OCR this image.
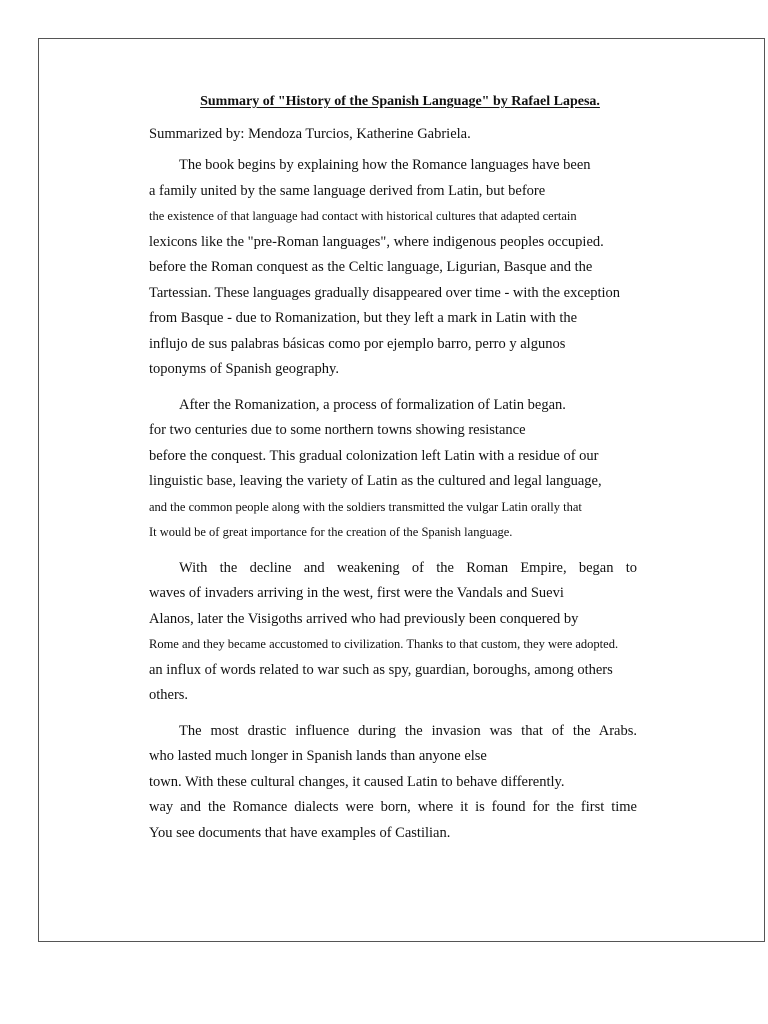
Summary of "History of the Spanish Language" by Rafael Lapesa.
Summarized by: Mendoza Turcios, Katherine Gabriela.
The book begins by explaining how the Romance languages have been
a family united by the same language derived from Latin, but before
the existence of that language had contact with historical cultures that adapted certain
lexicons like the "pre-Roman languages", where indigenous peoples occupied.
before the Roman conquest as the Celtic language, Ligurian, Basque and the
Tartessian. These languages gradually disappeared over time - with the exception
from Basque - due to Romanization, but they left a mark in Latin with the
influjo de sus palabras básicas como por ejemplo barro, perro y algunos
toponyms of Spanish geography.
After the Romanization, a process of formalization of Latin began.
for two centuries due to some northern towns showing resistance
before the conquest. This gradual colonization left Latin with a residue of our
linguistic base, leaving the variety of Latin as the cultured and legal language,
and the common people along with the soldiers transmitted the vulgar Latin orally that
It would be of great importance for the creation of the Spanish language.
With the decline and weakening of the Roman Empire, began to
waves of invaders arriving in the west, first were the Vandals and Suevi
Alanos, later the Visigoths arrived who had previously been conquered by
Rome and they became accustomed to civilization. Thanks to that custom, they were adopted.
an influx of words related to war such as spy, guardian, boroughs, among others
others.
The most drastic influence during the invasion was that of the Arabs.
who lasted much longer in Spanish lands than anyone else
town. With these cultural changes, it caused Latin to behave differently.
way and the Romance dialects were born, where it is found for the first time
You see documents that have examples of Castilian.
